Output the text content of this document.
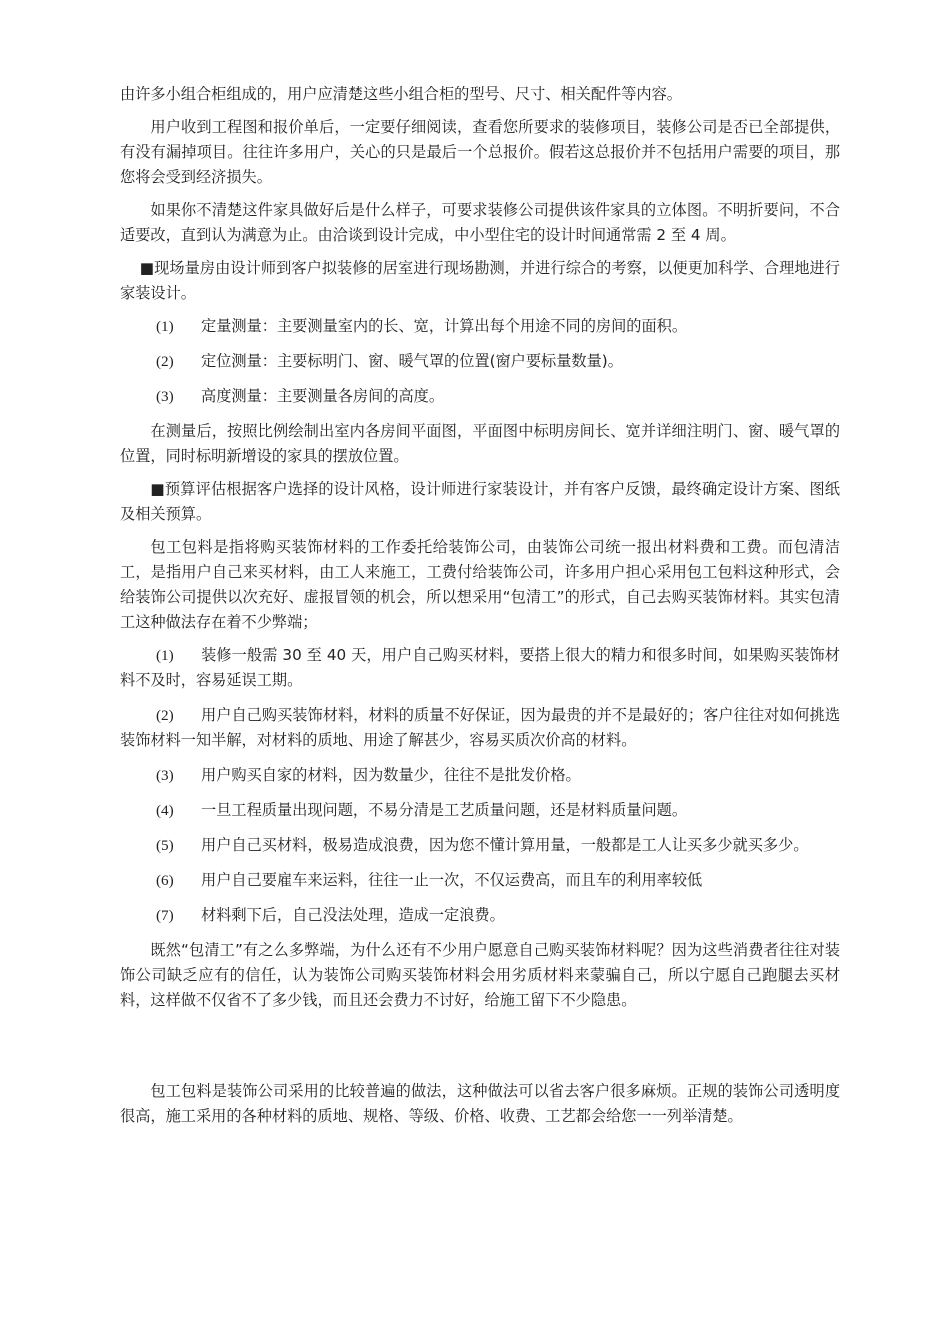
由许多小组合柜组成的，用户应清楚这些小组合柜的型号、尺寸、相关配件等内容。

用户收到工程图和报价单后，一定要仔细阅读，查看您所要求的装修项目，装修公司是否已全部提供，有没有漏掉项目。往往许多用户，关心的只是最后一个总报价。假若这总报价并不包括用户需要的项目，那您将会受到经济损失。

如果你不清楚这件家具做好后是什么样子，可要求装修公司提供该件家具的立体图。不明折要问，不合适要改，直到认为满意为止。由洽谈到设计完成，中小型住宅的设计时间通常需 2 至 4 周。

■现场量房由设计师到客户拟装修的居室进行现场勘测，并进行综合的考察，以便更加科学、合理地进行家装设计。

(1) 定量测量：主要测量室内的长、宽，计算出每个用途不同的房间的面积。

(2) 定位测量：主要标明门、窗、暖气罩的位置(窗户要标量数量)。

(3) 高度测量：主要测量各房间的高度。

在测量后，按照比例绘制出室内各房间平面图，平面图中标明房间长、宽并详细注明门、窗、暖气罩的位置，同时标明新增设的家具的摆放位置。

■预算评估根据客户选择的设计风格，设计师进行家装设计，并有客户反馈，最终确定设计方案、图纸及相关预算。

包工包料是指将购买装饰材料的工作委托给装饰公司，由装饰公司统一报出材料费和工费。而包清洁工，是指用户自己来买材料，由工人来施工，工费付给装饰公司，许多用户担心采用包工包料这种形式，会给装饰公司提供以次充好、虚报冒领的机会，所以想采用“包清工”的形式，自己去购买装饰材料。其实包清工这种做法存在着不少弊端；

(1) 装修一般需 30 至 40 天，用户自己购买材料，要搭上很大的精力和很多时间，如果购买装饰材料不及时，容易延误工期。

(2) 用户自己购买装饰材料，材料的质量不好保证，因为最贵的并不是最好的；客户往往对如何挑选装饰材料一知半解，对材料的质地、用途了解甚少，容易买质次价高的材料。

(3) 用户购买自家的材料，因为数量少，往往不是批发价格。

(4) 一旦工程质量出现问题，不易分清是工艺质量问题，还是材料质量问题。

(5) 用户自己买材料，极易造成浪费，因为您不懂计算用量，一般都是工人让买多少就买多少。

(6) 用户自己要雇车来运料，往往一止一次，不仅运费高，而且车的利用率较低

(7) 材料剩下后，自己没法处理，造成一定浪费。

既然“包清工”有之么多弊端，为什么还有不少用户愿意自己购买装饰材料呢？因为这些消费者往往对装饰公司缺乏应有的信任，认为装饰公司购买装饰材料会用劣质材料来蒙骗自己，所以宁愿自己跑腿去买材料，这样做不仅省不了多少钱，而且还会费力不讨好，给施工留下不少隐患。

包工包料是装饰公司采用的比较普遍的做法，这种做法可以省去客户很多麻烦。正规的装饰公司透明度很高，施工采用的各种材料的质地、规格、等级、价格、收费、工艺都会给您一一列举清楚。
